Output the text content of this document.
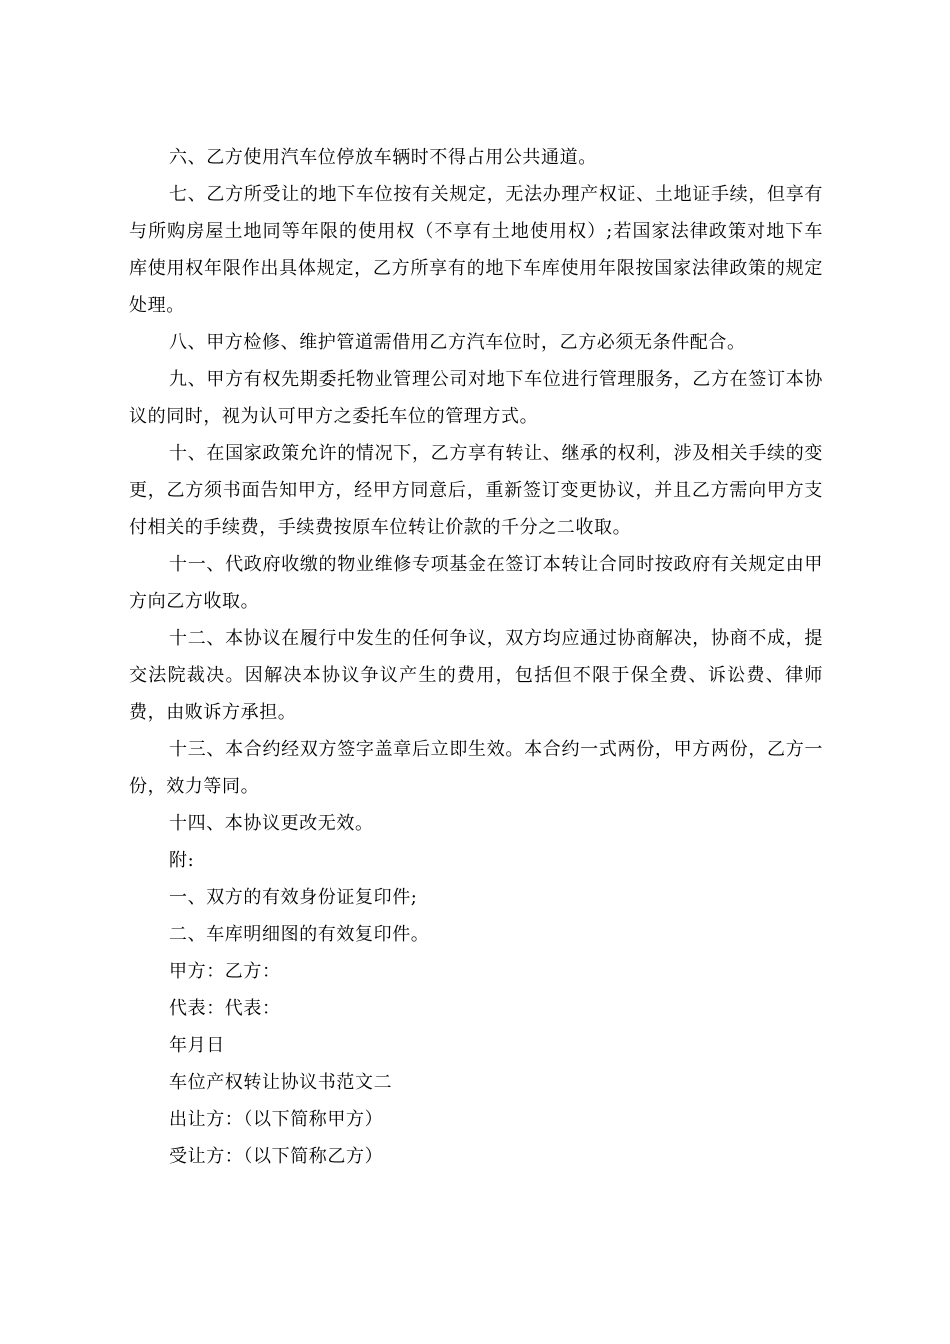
六、乙方使用汽车位停放车辆时不得占用公共通道。

七、乙方所受让的地下车位按有关规定，无法办理产权证、土地证手续，但享有与所购房屋土地同等年限的使用权（不享有土地使用权）;若国家法律政策对地下车库使用权年限作出具体规定，乙方所享有的地下车库使用年限按国家法律政策的规定处理。

八、甲方检修、维护管道需借用乙方汽车位时，乙方必须无条件配合。

九、甲方有权先期委托物业管理公司对地下车位进行管理服务，乙方在签订本协议的同时，视为认可甲方之委托车位的管理方式。

十、在国家政策允许的情况下，乙方享有转让、继承的权利，涉及相关手续的变更，乙方须书面告知甲方，经甲方同意后，重新签订变更协议，并且乙方需向甲方支付相关的手续费，手续费按原车位转让价款的千分之二收取。

十一、代政府收缴的物业维修专项基金在签订本转让合同时按政府有关规定由甲方向乙方收取。

十二、本协议在履行中发生的任何争议，双方均应通过协商解决，协商不成，提交法院裁决。因解决本协议争议产生的费用，包括但不限于保全费、诉讼费、律师费，由败诉方承担。

十三、本合约经双方签字盖章后立即生效。本合约一式两份，甲方两份，乙方一份，效力等同。

十四、本协议更改无效。

附:

一、双方的有效身份证复印件;

二、车库明细图的有效复印件。

甲方：乙方：

代表：代表：

年月日

车位产权转让协议书范文二

出让方：（以下简称甲方）

受让方：（以下简称乙方）
